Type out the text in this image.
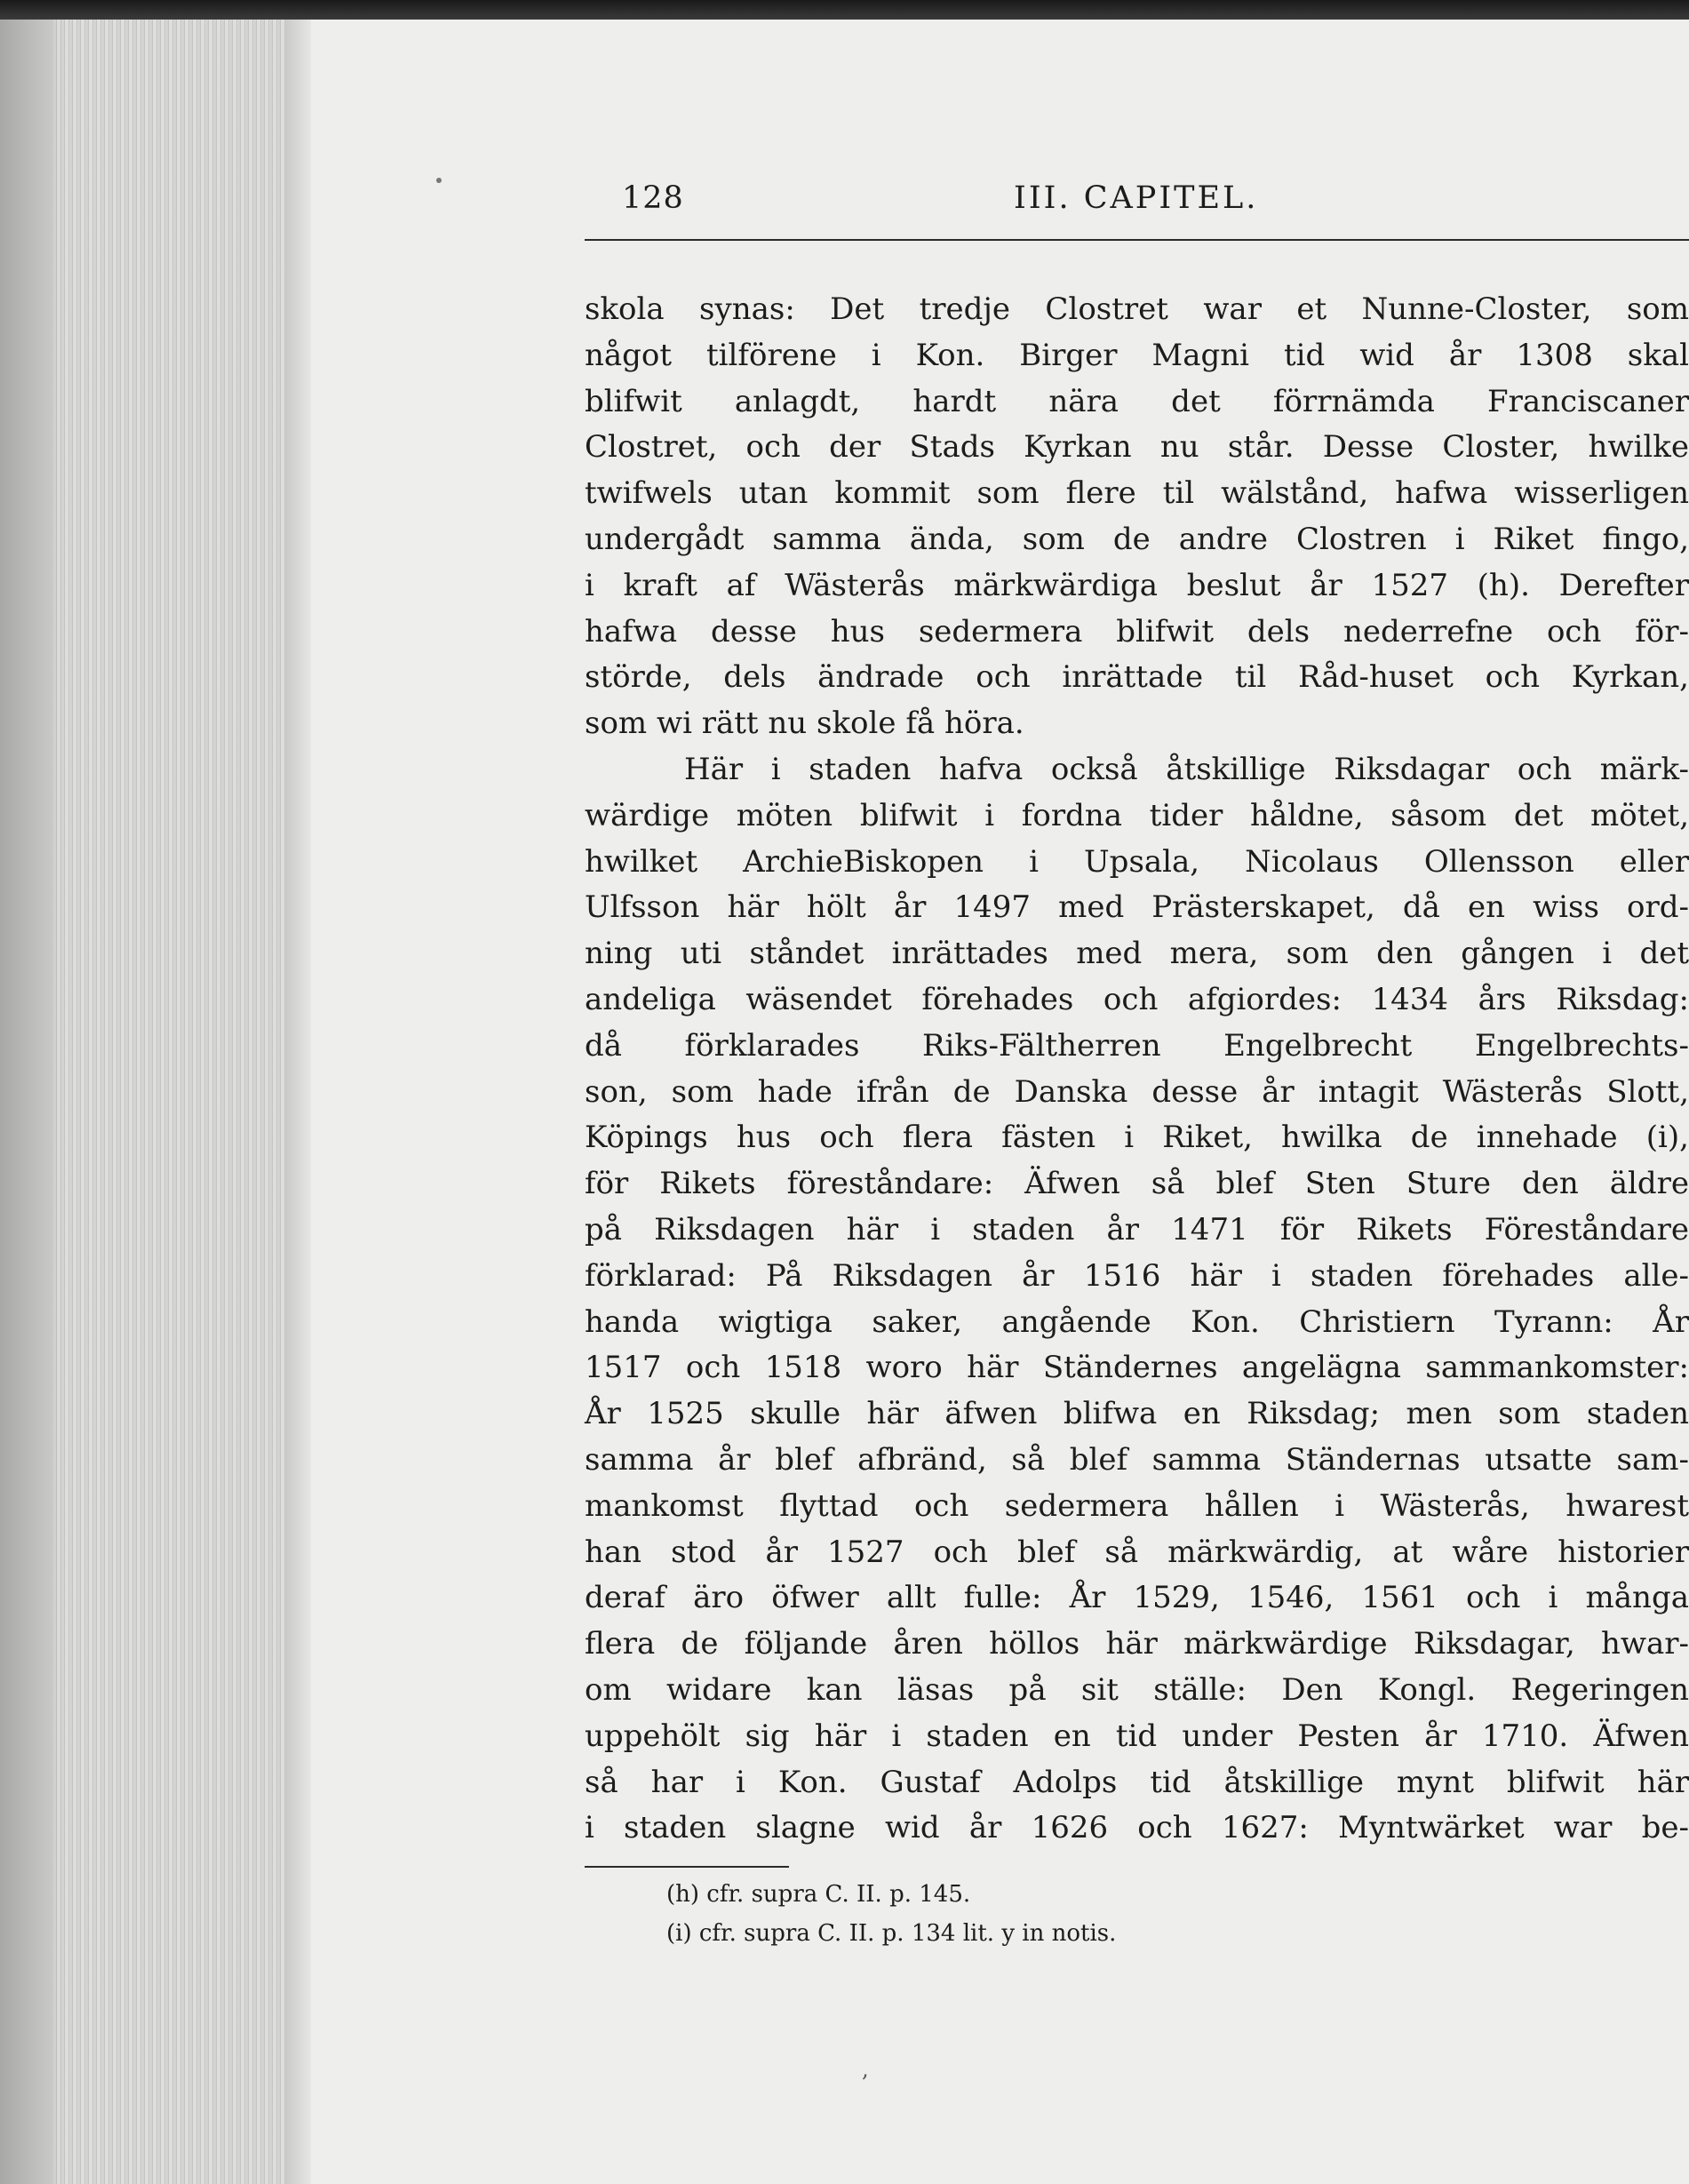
128	III. CAPITEL.
skola synas: Det tredje Clostret war et Nunne-Closter, som
något tilförene i Kon. Birger Magni tid wid år 1308 skal
blifwit anlagdt, hardt nära det förrnämda Franciscaner
Clostret, och der Stads Kyrkan nu står. Desse Closter, hwilke
twifwels utan kommit som flere til wälstånd, hafwa wisserligen
undergådt samma ända, som de andre Clostren i Riket fingo,
i kraft af Wästerås märkwärdiga beslut år 1527 (h). Derefter
hafwa desse hus sedermera blifwit dels nederrefne och för-
störde, dels ändrade och inrättade til Råd-huset och Kyrkan,
som wi rätt nu skole få höra.
Här i staden hafva också åtskillige Riksdagar och märk-
wärdige möten blifwit i fordna tider håldne, såsom det mötet,
hwilket ArchieBiskopen i Upsala, Nicolaus Ollensson eller
Ulfsson här hölt år 1497 med Prästerskapet, då en wiss ord-
ning uti ståndet inrättades med mera, som den gången i det
andeliga wäsendet förehades och afgiordes: 1434 års Riksdag:
då förklarades Riks-Fältherren Engelbrecht Engelbrechts-
son, som hade ifrån de Danska desse år intagit Wästerås Slott,
Köpings hus och flera fästen i Riket, hwilka de innehade (i),
för Rikets föreståndare: Äfwen så blef Sten Sture den äldre
på Riksdagen här i staden år 1471 för Rikets Föreståndare
förklarad: På Riksdagen år 1516 här i staden förehades alle-
handa wigtiga saker, angående Kon. Christiern Tyrann: År
1517 och 1518 woro här Ständernes angelägna sammankomster:
År 1525 skulle här äfwen blifwa en Riksdag; men som staden
samma år blef afbränd, så blef samma Ständernas utsatte sam-
mankomst flyttad och sedermera hållen i Wästerås, hwarest
han stod år 1527 och blef så märkwärdig, at wåre historier
deraf äro öfwer allt fulle: År 1529, 1546, 1561 och i många
flera de följande åren höllos här märkwärdige Riksdagar, hwar-
om widare kan läsas på sit ställe: Den Kongl. Regeringen
uppehölt sig här i staden en tid under Pesten år 1710. Äfwen
så har i Kon. Gustaf Adolps tid åtskillige mynt blifwit här
i staden slagne wid år 1626 och 1627: Myntwärket war be-
(h) cfr. supra C. II. p. 145.
(i) cfr. supra C. II. p. 134 lit. y in notis.
,
